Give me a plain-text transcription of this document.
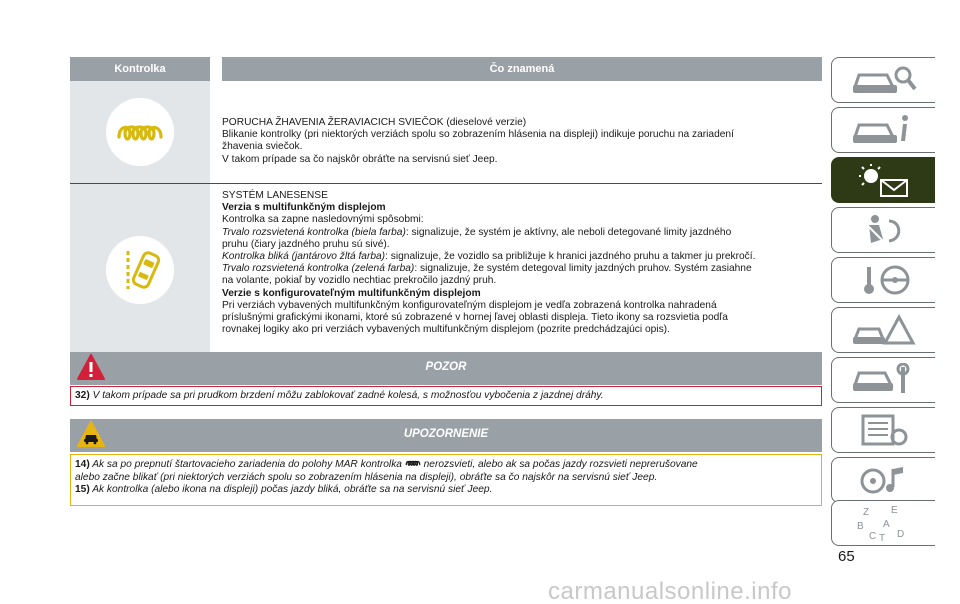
Kontrolka	Čo znamená
PORUCHA ŽHAVENIA ŽERAVIACICH SVIEČOK (dieselové verzie)
Blikanie kontrolky (pri niektorých verziách spolu so zobrazením hlásenia na displeji) indikuje poruchu na zariadení
žhavenia sviečok.
V takom prípade sa čo najskôr obráťte na servisnú sieť Jeep.
SYSTÉM LANESENSE
Verzia s multifunkčným displejom
Kontrolka sa zapne nasledovnými spôsobmi:
Trvalo rozsvietená kontrolka (biela farba): signalizuje, že systém je aktívny, ale neboli detegované limity jazdného
pruhu (čiary jazdného pruhu sú sivé).
Kontrolka bliká (jantárovo žltá farba): signalizuje, že vozidlo sa približuje k hranici jazdného pruhu a takmer ju prekročí.
Trvalo rozsvietená kontrolka (zelená farba): signalizuje, že systém detegoval limity jazdných pruhov. Systém zasiahne
na volante, pokiaľ by vozidlo nechtiac prekročilo jazdný pruh.
Verzie s konfigurovateľným multifunkčným displejom
Pri verziách vybavených multifunkčným konfigurovateľným displejom je vedľa zobrazená kontrolka nahradená
príslušnými grafickými ikonami, ktoré sú zobrazené v hornej ľavej oblasti displeja. Tieto ikony sa rozsvietia podľa
rovnakej logiky ako pri verziách vybavených multifunkčným displejom (pozrite predchádzajúci opis).
POZOR
32) V takom prípade sa pri prudkom brzdení môžu zablokovať zadné kolesá, s možnosťou vybočenia z jazdnej dráhy.
UPOZORNENIE
14) Ak sa po prepnutí štartovacieho zariadenia do polohy MAR kontrolka nerozsvieti, alebo ak sa počas jazdy rozsvieti neprerušovane
alebo začne blikať (pri niektorých verziách spolu so zobrazením hlásenia na displeji), obráťte sa čo najskôr na servisnú sieť Jeep.
15) Ak kontrolka (alebo ikona na displeji) počas jazdy bliká, obráťte sa na servisnú sieť Jeep.
Z
B
E
A
C T D
65
carmanualsonline.info
